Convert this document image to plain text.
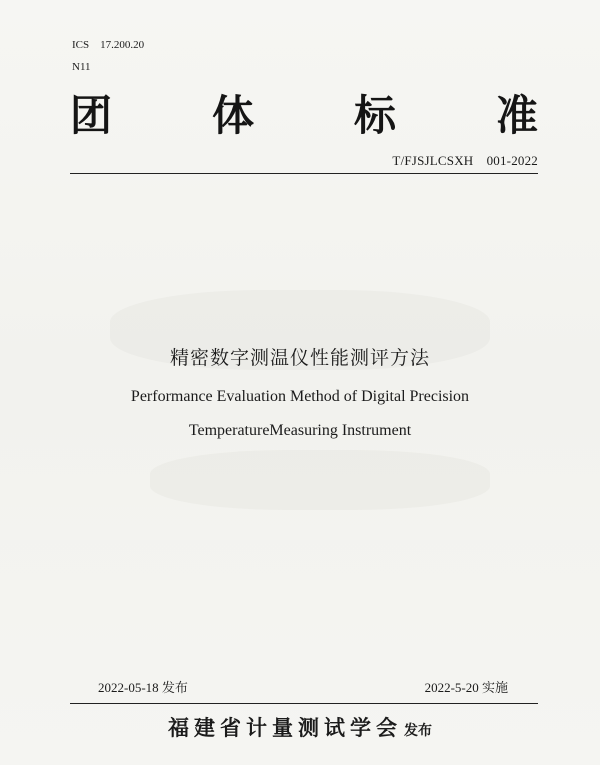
ICS　17.200.20
N11
团 体 标 准
T/FJSJLCSXH　001-2022
精密数字测温仪性能测评方法
Performance Evaluation Method of Digital Precision
TemperatureMeasuring Instrument
2022-05-18 发布	2022-5-20 实施
福建省计量测试学会 发布
